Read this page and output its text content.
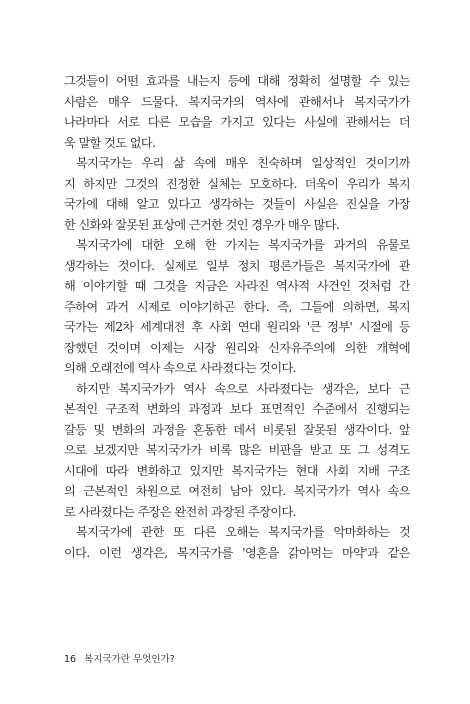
그것들이 어떤 효과를 내는지 등에 대해 정확히 설명할 수 있는
사람은 매우 드물다. 복지국가의 역사에 관해서나 복지국가가
나라마다 서로 다른 모습을 가지고 있다는 사실에 관해서는 더
욱 말할 것도 없다.
복지국가는 우리 삶 속에 매우 친숙하며 일상적인 것이기까
지 하지만 그것의 진정한 실체는 모호하다. 더욱이 우리가 복지
국가에 대해 알고 있다고 생각하는 것들이 사실은 진실을 가장
한 신화와 잘못된 표상에 근거한 것인 경우가 매우 많다.
복지국가에 대한 오해 한 가지는 복지국가를 과거의 유물로
생각하는 것이다. 실제로 일부 정치 평론가들은 복지국가에 관
해 이야기할 때 그것을 지금은 사라진 역사적 사건인 것처럼 간
주하여 과거 시제로 이야기하곤 한다. 즉, 그들에 의하면, 복지
국가는 제2차 세계대전 후 사회 연대 원리와 '큰 정부' 시절에 등
장했던 것이며 이제는 시장 원리와 신자유주의에 의한 개혁에
의해 오래전에 역사 속으로 사라졌다는 것이다.
하지만 복지국가가 역사 속으로 사라졌다는 생각은, 보다 근
본적인 구조적 변화의 과정과 보다 표면적인 수준에서 진행되는
갈등 및 변화의 과정을 혼동한 데서 비롯된 잘못된 생각이다. 앞
으로 보겠지만 복지국가가 비록 많은 비판을 받고 또 그 성격도
시대에 따라 변화하고 있지만 복지국가는 현대 사회 지배 구조
의 근본적인 차원으로 여전히 남아 있다. 복지국가가 역사 속으
로 사라졌다는 주장은 완전히 과장된 주장이다.
복지국가에 관한 또 다른 오해는 복지국가를 악마화하는 것
이다. 이런 생각은, 복지국가를 '영혼을 갉아먹는 마약'과 같은
16 복지국가란 무엇인가?
